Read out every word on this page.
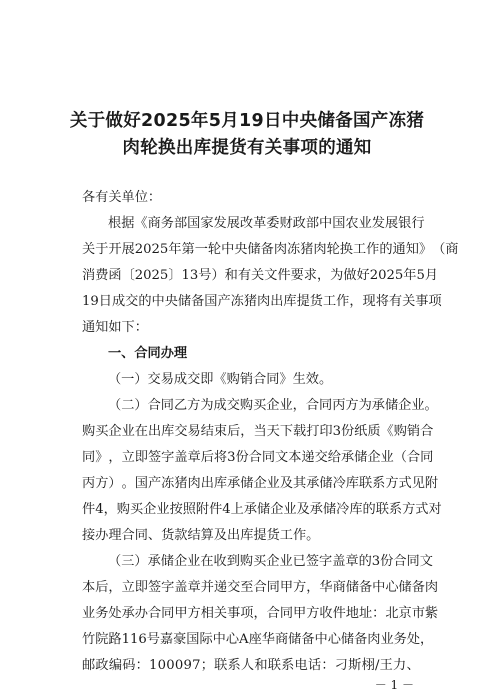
关于做好2025年5月19日中央储备国产冻猪
肉轮换出库提货有关事项的通知
各有关单位：
根 据 《 商 务 部 国 家 发 展 改 革 委 财 政 部 中 国 农 业 发 展 银 行
关 于 开 展 2 0 2 5 年 第 一 轮 中 央 储 备 肉 冻 猪 肉 轮 换 工 作 的 通 知 》 （ 商
消 费 函 〔 2 0 2 5 〕 1 3 号 ） 和 有 关 文 件 要 求 ， 为 做 好 2 0 2 5 年 5 月
1 9 日 成 交 的 中 央 储 备 国 产 冻 猪 肉 出 库 提 货 工 作 ， 现 将 有 关 事 项
通知如下：
一、合同办理
（一）交易成交即《购销合同》生效。
（ 二 ） 合 同 乙 方 为 成 交 购 买 企 业 ， 合 同 丙 方 为 承 储 企 业 。
购 买 企 业 在 出 库 交 易 结 束 后 ， 当 天 下 载 打 印 3 份 纸 质 《 购 销 合
同 》 ， 立 即 签 字 盖 章 后 将 3 份 合 同 文 本 递 交 给 承 储 企 业 （ 合 同
丙 方 ） 。 国 产 冻 猪 肉 出 库 承 储 企 业 及 其 承 储 冷 库 联 系 方 式 见 附
件 4 ， 购 买 企 业 按 照 附 件 4 上 承 储 企 业 及 承 储 冷 库 的 联 系 方 式 对
接办理合同、货款结算及出库提货工作。
（ 三 ） 承 储 企 业 在 收 到 购 买 企 业 已 签 字 盖 章 的 3 份 合 同 文
本 后 ， 立 即 签 字 盖 章 并 递 交 至 合 同 甲 方 ， 华 商 储 备 中 心 储 备 肉
业 务 处 承 办 合 同 甲 方 相 关 事 项 ， 合 同 甲 方 收 件 地 址 ： 北 京 市 紫
竹 院 路 1 1 6 号 嘉 豪 国 际 中 心 A 座 华 商 储 备 中 心 储 备 肉 业 务 处 ，
邮 政 编 码 ： 1 0 0 0 9 7 ； 联 系 人 和 联 系 电 话 ： 刁 斯 栩 / 王 力 、
－ 1 －
